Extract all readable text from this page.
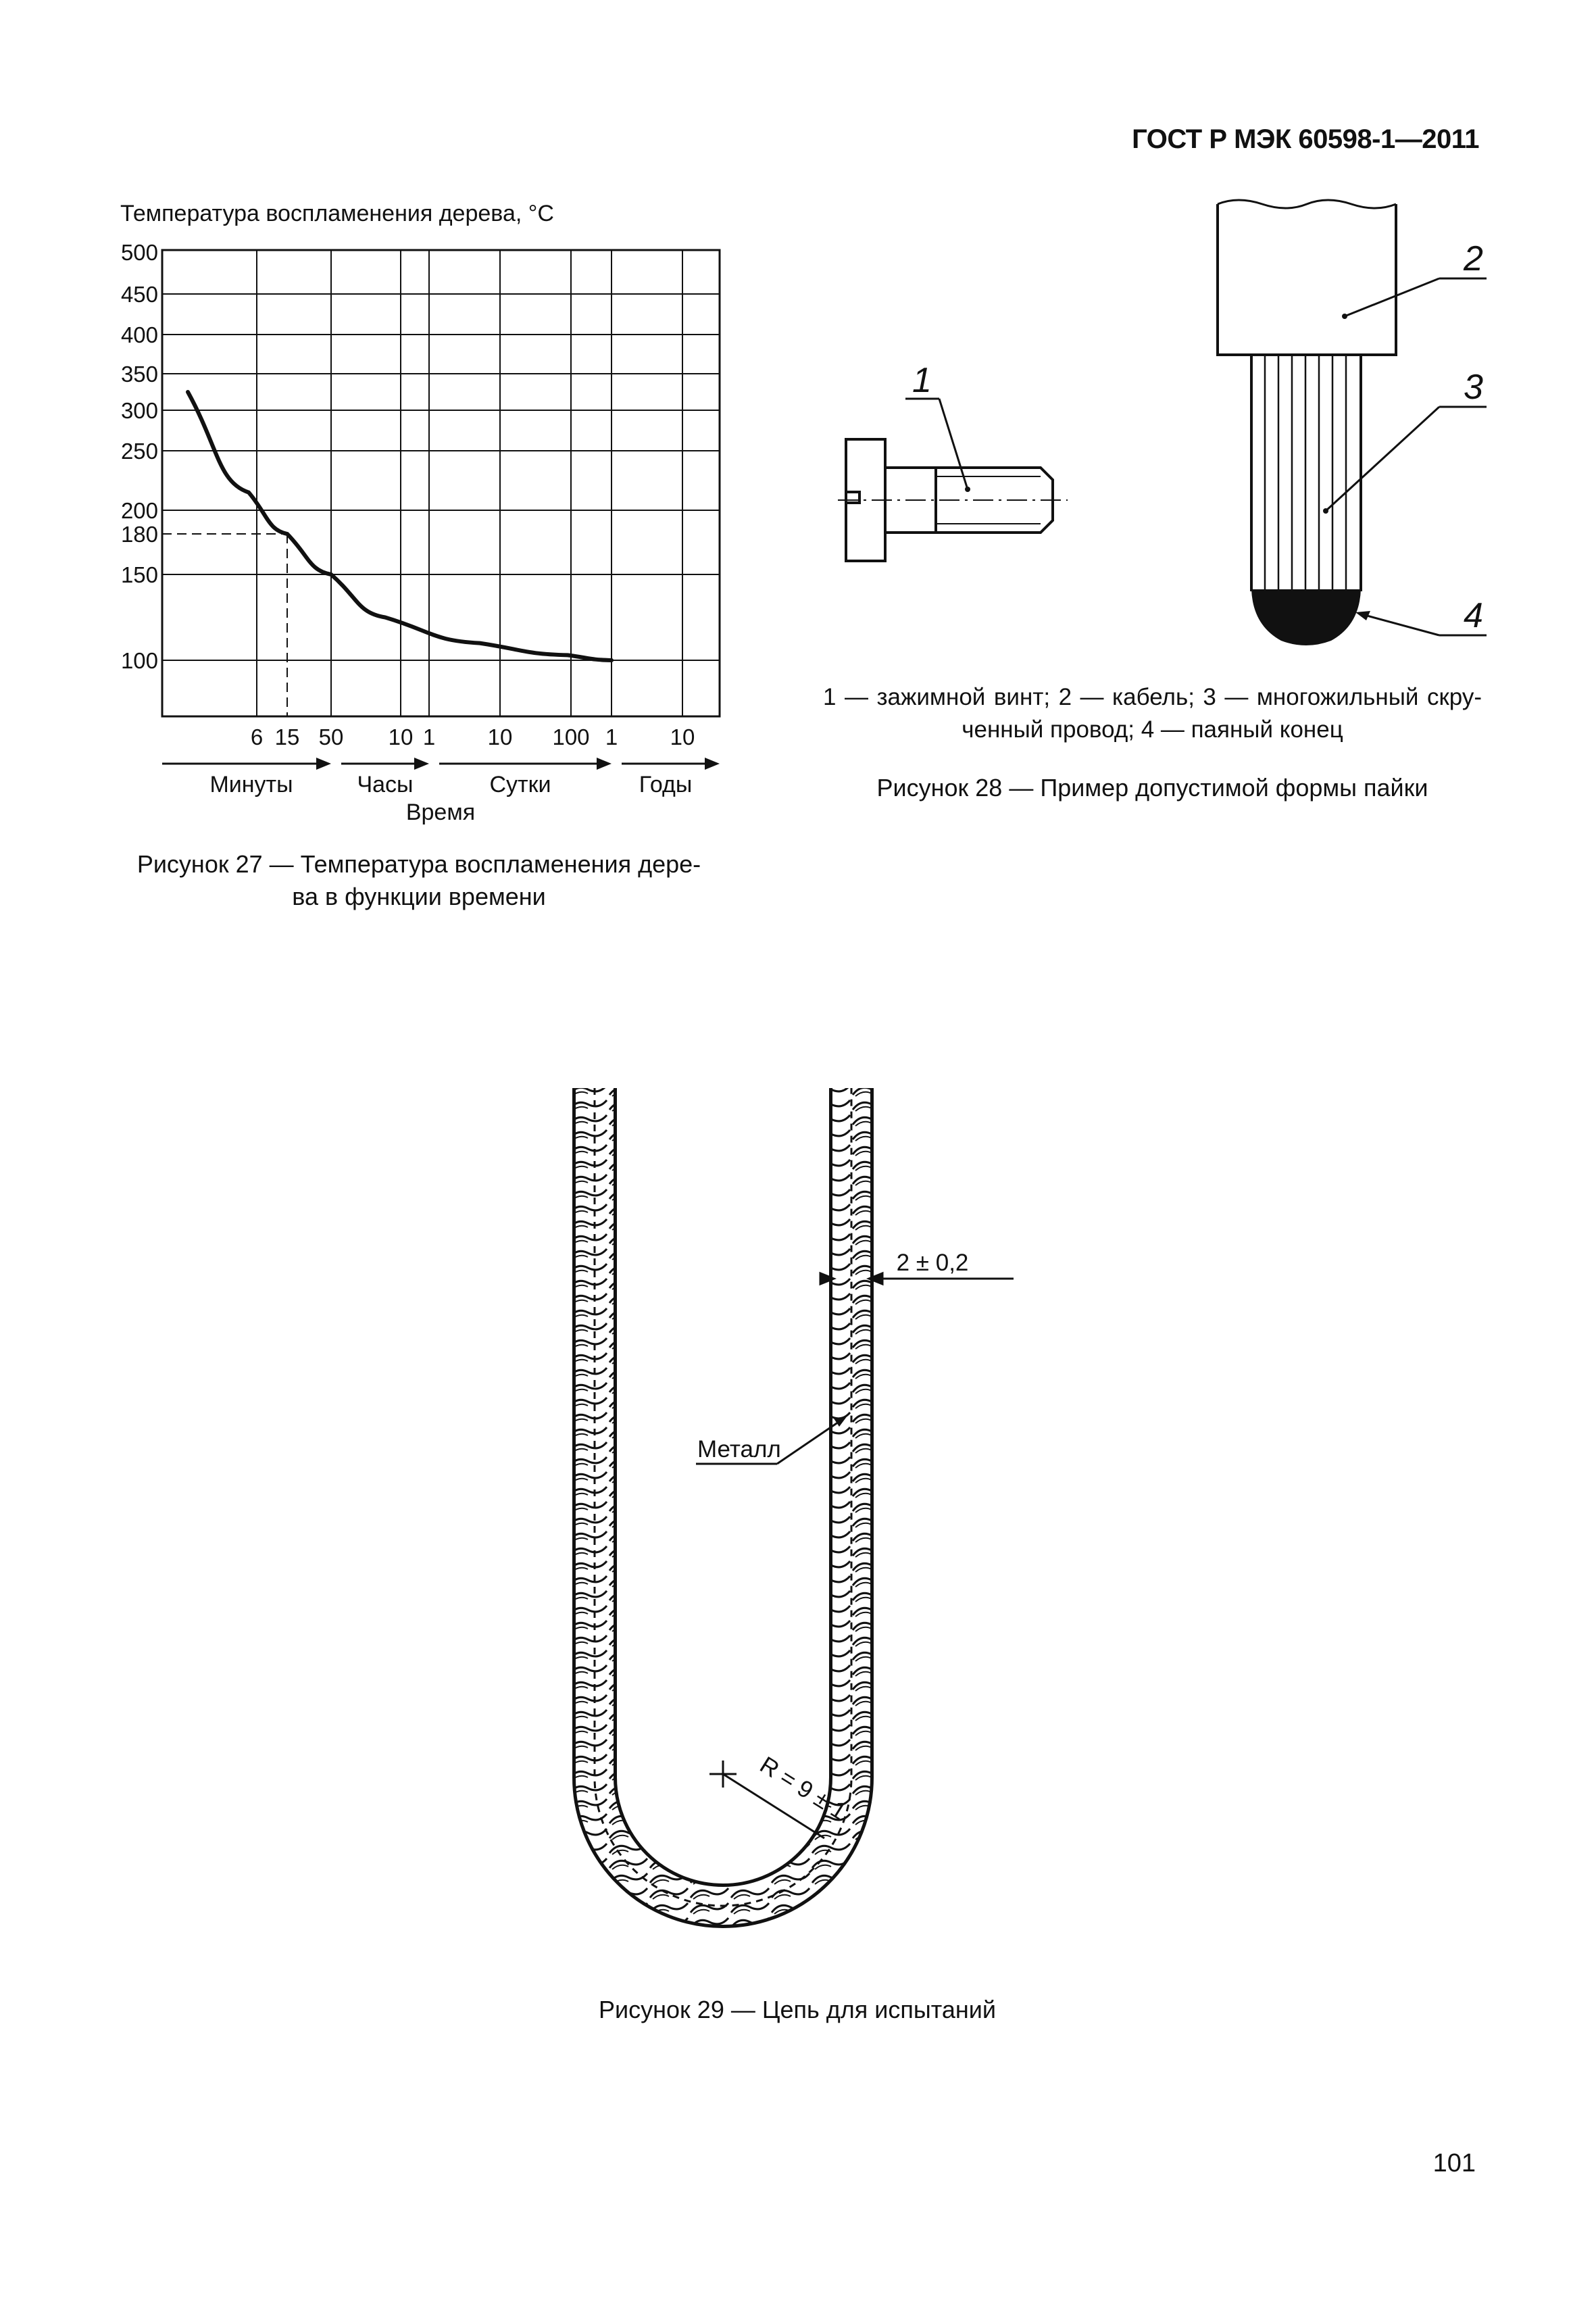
ГОСТ Р МЭК 60598-1—2011
Температура воспламенения дерева, °С
500
450
400
350
300
250
200
180
150
100
6 15 50 10 1 10 100 1 10
Минуты	Часы	Сутки	Годы
Время
Рисунок 27 — Температура воспламенения дере-
ва в функции времени
1
2
3
4
1 — зажимной винт; 2 — кабель; 3 — многожильный скру-
ченный провод; 4 — паяный конец
Рисунок 28 — Пример допустимой формы пайки
2 ± 0,2
Металл
R = 9 ± 1
Рисунок 29 — Цепь для испытаний
101
